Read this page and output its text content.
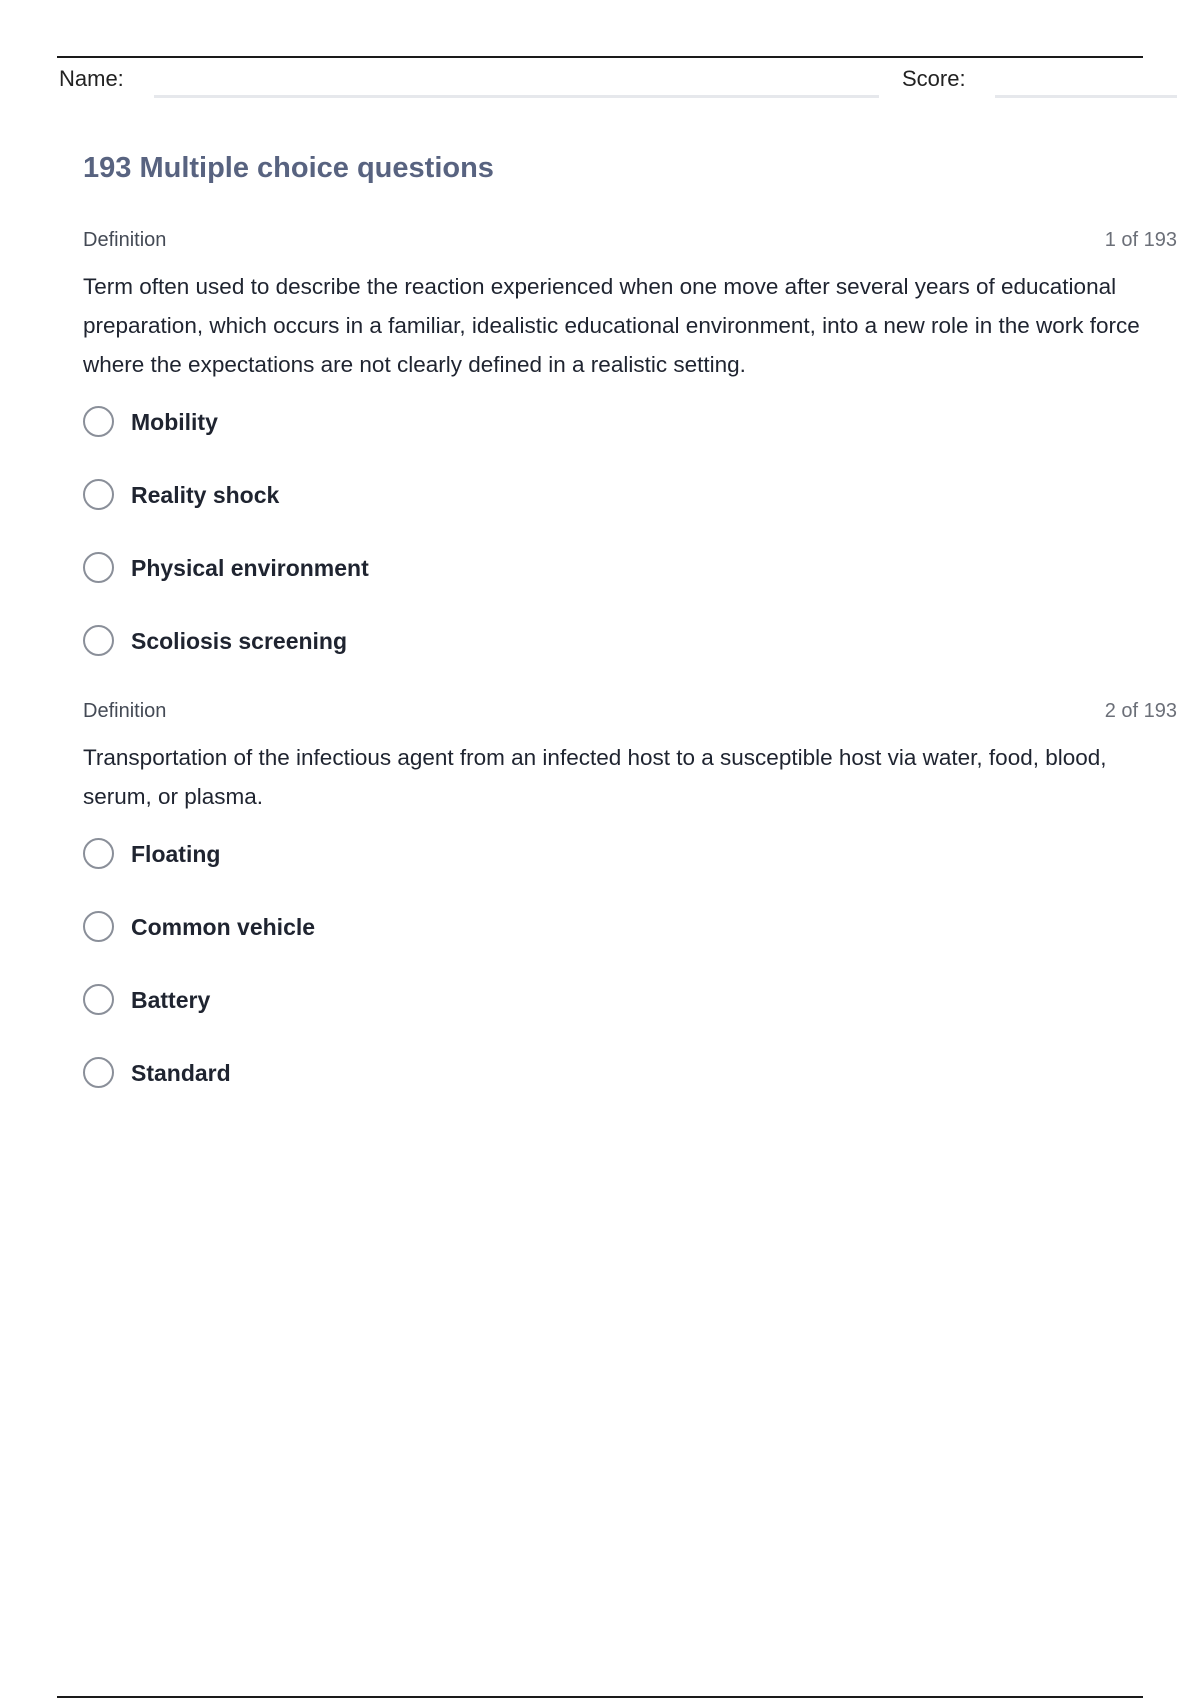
Name:	Score:
193 Multiple choice questions
Definition	1 of 193
Term often used to describe the reaction experienced when one move after several years of educational preparation, which occurs in a familiar, idealistic educational environment, into a new role in the work force where the expectations are not clearly defined in a realistic setting.
Mobility
Reality shock
Physical environment
Scoliosis screening
Definition	2 of 193
Transportation of the infectious agent from an infected host to a susceptible host via water, food, blood, serum, or plasma.
Floating
Common vehicle
Battery
Standard
